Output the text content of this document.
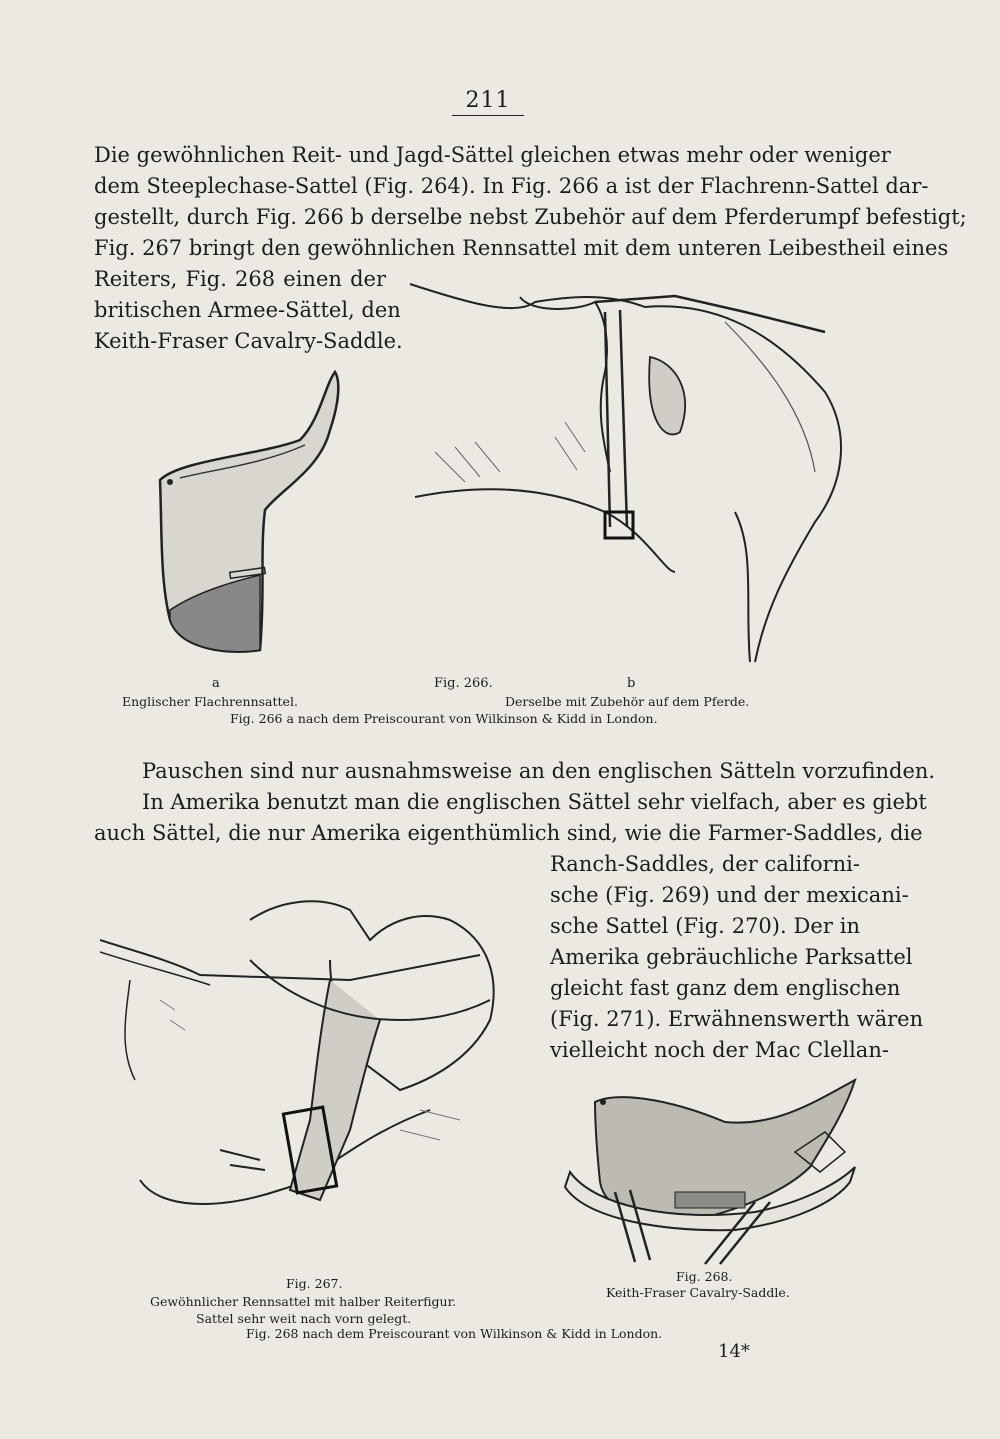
211
Die gewöhnlichen Reit- und Jagd-Sättel gleichen etwas mehr oder weniger
dem Steeplechase-Sattel (Fig. 264). In Fig. 266 a ist der Flachrenn-Sattel dar-
gestellt, durch Fig. 266 b derselbe nebst Zubehör auf dem Pferderumpf befestigt;
Fig. 267 bringt den gewöhnlichen Rennsattel mit dem unteren Leibestheil eines
Reiters, Fig. 268 einen der
britischen Armee-Sättel, den
Keith-Fraser Cavalry-Saddle.
a	Fig. 266.	b
Englischer Flachrennsattel.	Derselbe mit Zubehör auf dem Pferde.
Fig. 266 a nach dem Preiscourant von Wilkinson & Kidd in London.
Pauschen sind nur ausnahmsweise an den englischen Sätteln vorzufinden.
In Amerika benutzt man die englischen Sättel sehr vielfach, aber es giebt
auch Sättel, die nur Amerika eigenthümlich sind, wie die Farmer-Saddles, die
Ranch-Saddles, der californi-
sche (Fig. 269) und der mexicani-
sche Sattel (Fig. 270). Der in
Amerika gebräuchliche Parksattel
gleicht fast ganz dem englischen
(Fig. 271). Erwähnenswerth wären
vielleicht noch der Mac Clellan-
Fig. 267.	Fig. 268.
Keith-Fraser Cavalry-Saddle.
Gewöhnlicher Rennsattel mit halber Reiterfigur.
Sattel sehr weit nach vorn gelegt.
Fig. 268 nach dem Preiscourant von Wilkinson & Kidd in London.
14*
